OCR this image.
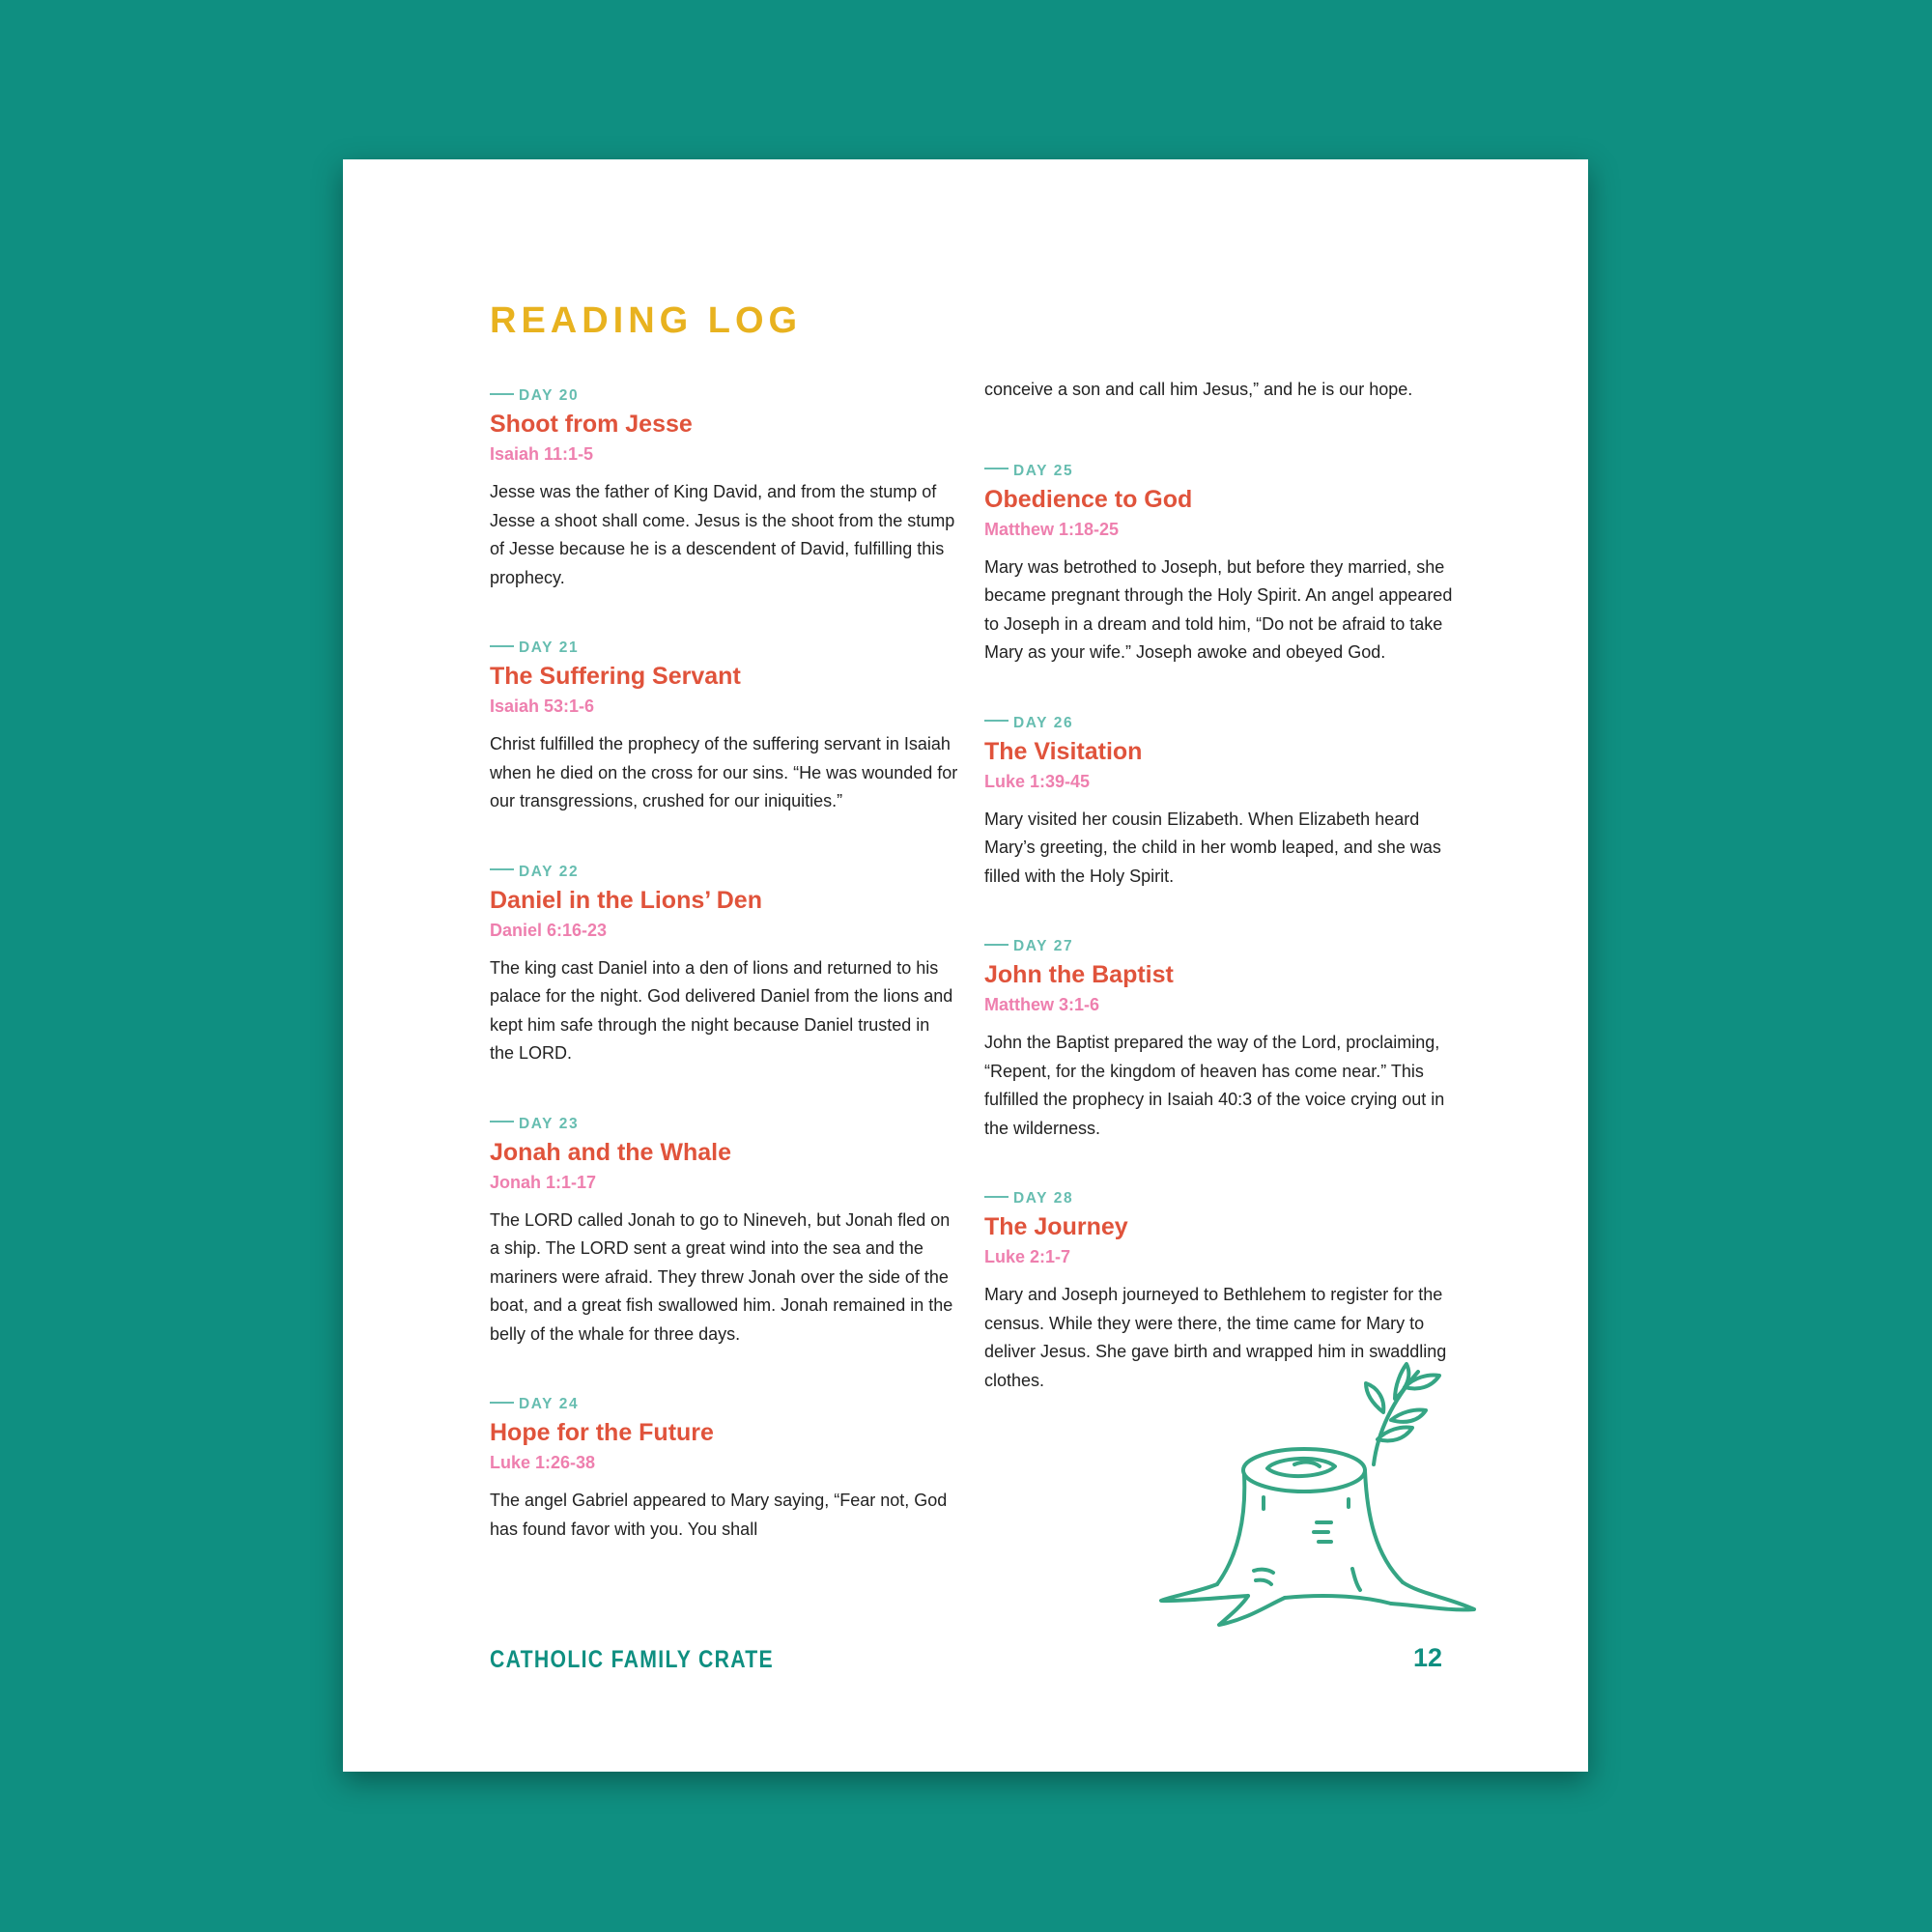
READING LOG

DAY 20

Shoot from Jesse

Isaiah 11:1-5

Jesse was the father of King David, and from the stump of Jesse a shoot shall come. Jesus is the shoot from the stump of Jesse because he is a descendent of David, fulfilling this prophecy.

DAY 21

The Suffering Servant

Isaiah 53:1-6

Christ fulfilled the prophecy of the suffering servant in Isaiah when he died on the cross for our sins. “He was wounded for our transgressions, crushed for our iniquities.”

DAY 22

Daniel in the Lions’ Den

Daniel 6:16-23

The king cast Daniel into a den of lions and returned to his palace for the night. God delivered Daniel from the lions and kept him safe through the night because Daniel trusted in the LORD.

DAY 23

Jonah and the Whale

Jonah 1:1-17

The LORD called Jonah to go to Nineveh, but Jonah fled on a ship. The LORD sent a great wind into the sea and the mariners were afraid. They threw Jonah over the side of the boat, and a great fish swallowed him. Jonah remained in the belly of the whale for three days.

DAY 24

Hope for the Future

Luke 1:26-38

The angel Gabriel appeared to Mary saying, “Fear not, God has found favor with you. You shall

conceive a son and call him Jesus,” and he is our hope.

DAY 25

Obedience to God

Matthew 1:18-25

Mary was betrothed to Joseph, but before they married, she became pregnant through the Holy Spirit. An angel appeared to Joseph in a dream and told him, “Do not be afraid to take Mary as your wife.” Joseph awoke and obeyed God.

DAY 26

The Visitation

Luke 1:39-45

Mary visited her cousin Elizabeth. When Elizabeth heard Mary’s greeting, the child in her womb leaped, and she was filled with the Holy Spirit.

DAY 27

John the Baptist

Matthew 3:1-6

John the Baptist prepared the way of the Lord, proclaiming, “Repent, for the kingdom of heaven has come near.” This fulfilled the prophecy in Isaiah 40:3 of the voice crying out in the wilderness.

DAY 28

The Journey

Luke 2:1-7

Mary and Joseph journeyed to Bethlehem to register for the census. While they were there, the time came for Mary to deliver Jesus. She gave birth and wrapped him in swaddling clothes.

CATHOLIC FAMILY CRATE	12
